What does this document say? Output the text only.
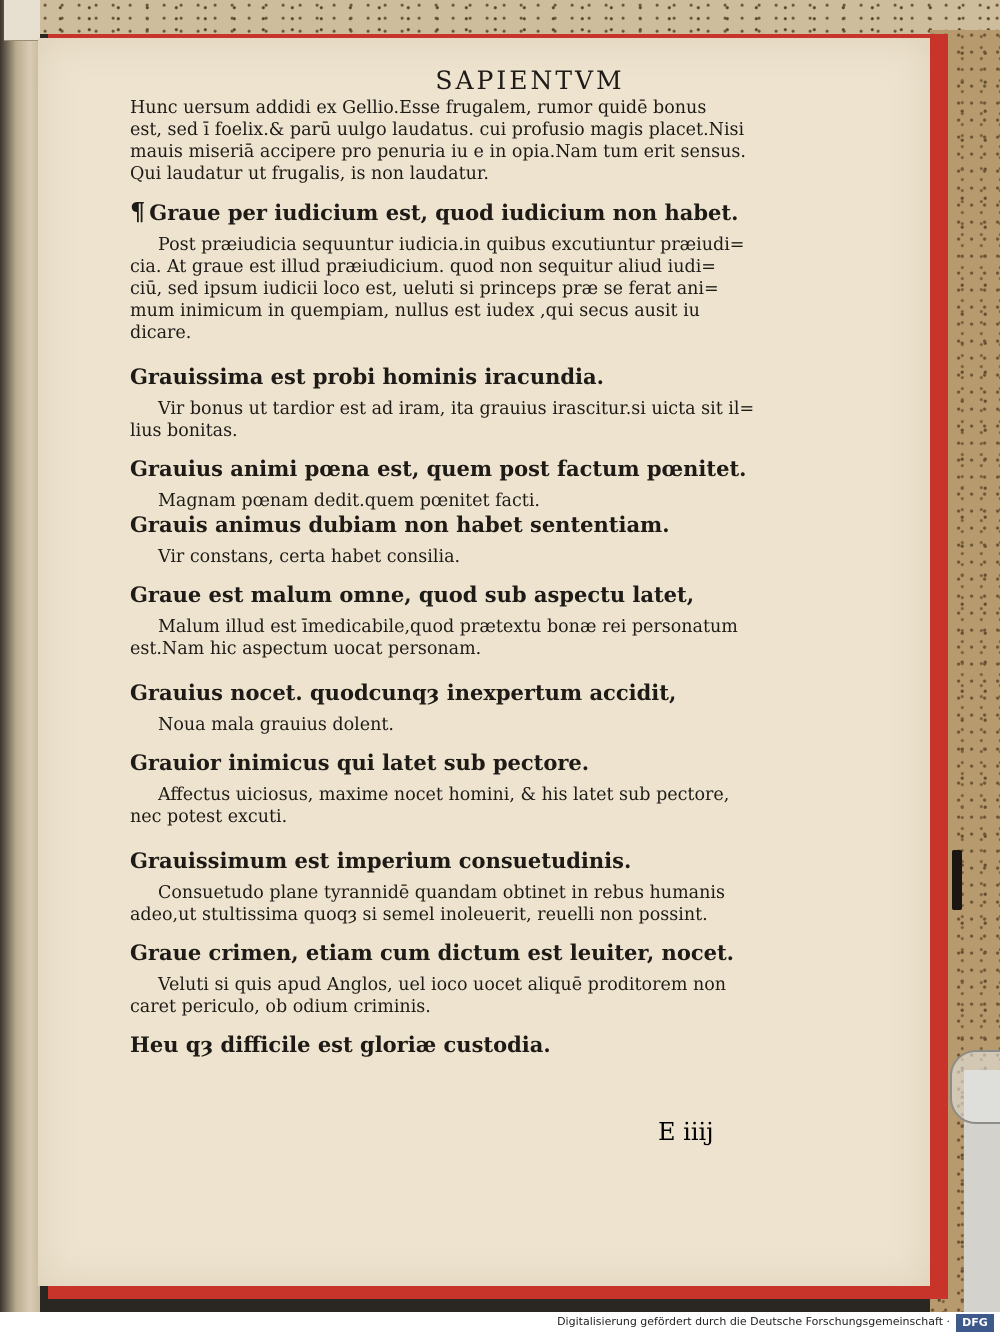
SAPIENTVM

Hunc uersum addidi ex Gellio.Esse frugalem, rumor quidē bonus

est, sed ī foelix.& parū uulgo laudatus. cui profusio magis placet.Nisi

mauis miseriā accipere pro penuria iu e in opia.Nam tum erit sensus.

Qui laudatur ut frugalis, is non laudatur.

¶ Graue per iudicium est, quod iudicium non habet.

Post præiudicia sequuntur iudicia.in quibus excutiuntur præiudi=

cia. At graue est illud præiudicium. quod non sequitur aliud iudi=

ciū, sed ipsum iudicii loco est, ueluti si princeps præ se ferat ani=

mum inimicum in quempiam, nullus est iudex ,qui secus ausit iu

dicare.

Grauissima est probi hominis iracundia.

Vir bonus ut tardior est ad iram, ita grauius irascitur.si uicta sit il=

lius bonitas.

Grauius animi pœna est, quem post factum pœnitet.

Magnam pœnam dedit.quem pœnitet facti.

Grauis animus dubiam non habet sententiam.

Vir constans, certa habet consilia.

Graue est malum omne, quod sub aspectu latet,

Malum illud est īmedicabile,quod prætextu bonæ rei personatum

est.Nam hic aspectum uocat personam.

Grauius nocet. quodcunqȝ inexpertum accidit,

Noua mala grauius dolent.

Grauior inimicus qui latet sub pectore.

Affectus uiciosus, maxime nocet homini, & his latet sub pectore,

nec potest excuti.

Grauissimum est imperium consuetudinis.

Consuetudo plane tyrannidē quandam obtinet in rebus humanis

adeo,ut stultissima quoqȝ si semel inoleuerit, reuelli non possint.

Graue crimen, etiam cum dictum est leuiter, nocet.

Veluti si quis apud Anglos, uel ioco uocet aliquē proditorem non

caret periculo, ob odium criminis.

Heu qȝ difficile est gloriæ custodia.

E iiij
Digitalisierung gefördert durch die Deutsche Forschungsgemeinschaft ·	DFG
